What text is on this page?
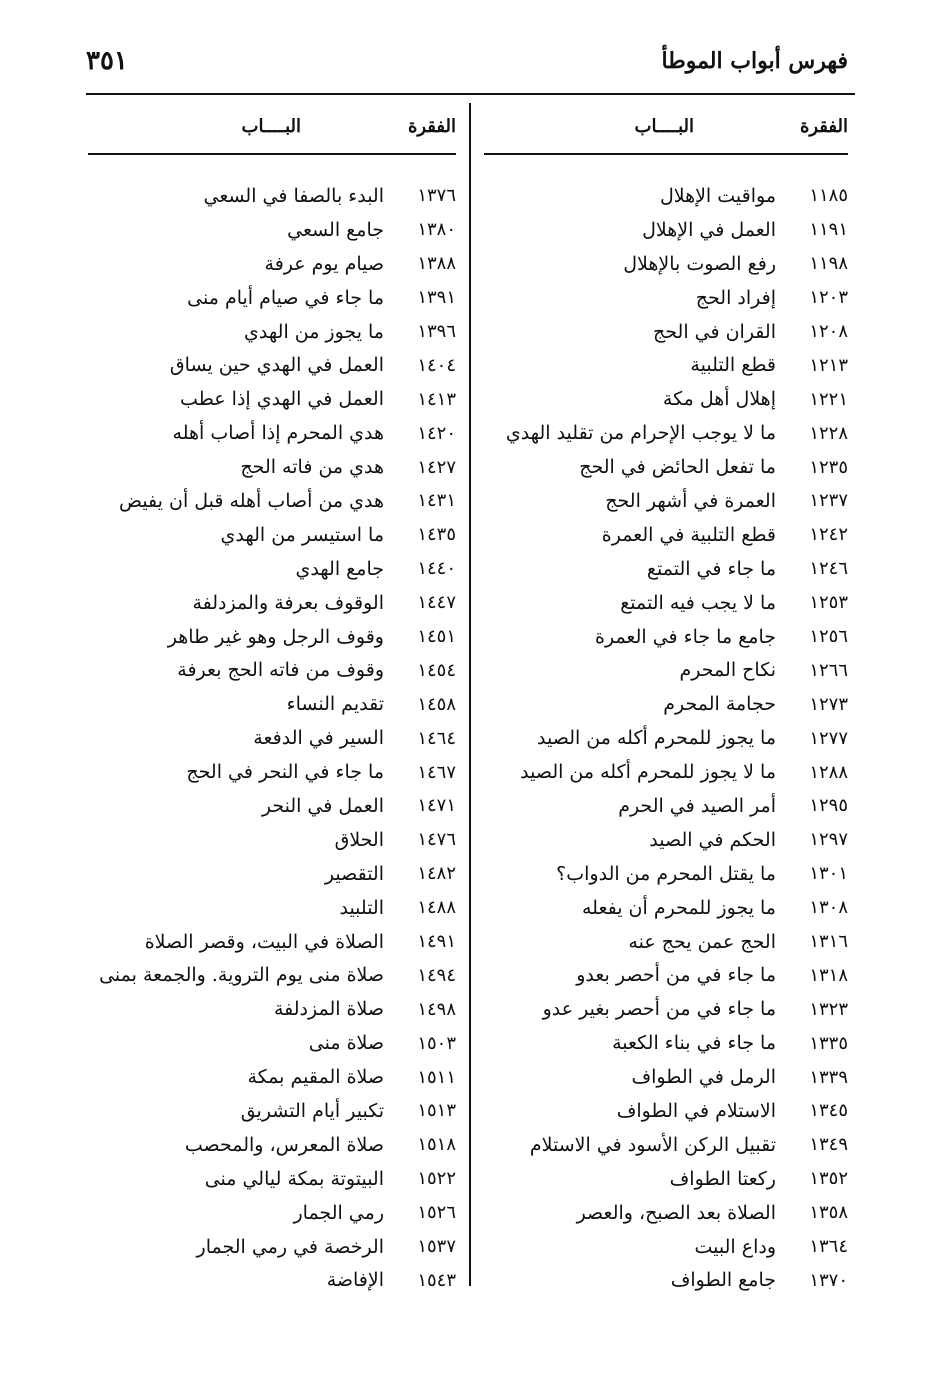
فهرس أبواب الموطأ
٣٥١
الفقرة
البــــاب
١١٨٥
مواقيت الإهلال
١١٩١
العمل في الإهلال
١١٩٨
رفع الصوت بالإهلال
١٢٠٣
إفراد الحج
١٢٠٨
القران في الحج
١٢١٣
قطع التلبية
١٢٢١
إهلال أهل مكة
١٢٢٨
ما لا يوجب الإحرام من تقليد الهدي
١٢٣٥
ما تفعل الحائض في الحج
١٢٣٧
العمرة في أشهر الحج
١٢٤٢
قطع التلبية في العمرة
١٢٤٦
ما جاء في التمتع
١٢٥٣
ما لا يجب فيه التمتع
١٢٥٦
جامع ما جاء في العمرة
١٢٦٦
نكاح المحرم
١٢٧٣
حجامة المحرم
١٢٧٧
ما يجوز للمحرم أكله من الصيد
١٢٨٨
ما لا يجوز للمحرم أكله من الصيد
١٢٩٥
أمر الصيد في الحرم
١٢٩٧
الحكم في الصيد
١٣٠١
ما يقتل المحرم من الدواب؟
١٣٠٨
ما يجوز للمحرم أن يفعله
١٣١٦
الحج عمن يحج عنه
١٣١٨
ما جاء في من أحصر بعدو
١٣٢٣
ما جاء في من أحصر بغير عدو
١٣٣٥
ما جاء في بناء الكعبة
١٣٣٩
الرمل في الطواف
١٣٤٥
الاستلام في الطواف
١٣٤٩
تقبيل الركن الأسود في الاستلام
١٣٥٢
ركعتا الطواف
١٣٥٨
الصلاة بعد الصبح، والعصر
١٣٦٤
وداع البيت
١٣٧٠
جامع الطواف
الفقرة
البــــاب
١٣٧٦
البدء بالصفا في السعي
١٣٨٠
جامع السعي
١٣٨٨
صيام يوم عرفة
١٣٩١
ما جاء في صيام أيام منى
١٣٩٦
ما يجوز من الهدي
١٤٠٤
العمل في الهدي حين يساق
١٤١٣
العمل في الهدي إذا عطب
١٤٢٠
هدي المحرم إذا أصاب أهله
١٤٢٧
هدي من فاته الحج
١٤٣١
هدي من أصاب أهله قبل أن يفيض
١٤٣٥
ما استيسر من الهدي
١٤٤٠
جامع الهدي
١٤٤٧
الوقوف بعرفة والمزدلفة
١٤٥١
وقوف الرجل وهو غير طاهر
١٤٥٤
وقوف من فاته الحج بعرفة
١٤٥٨
تقديم النساء
١٤٦٤
السير في الدفعة
١٤٦٧
ما جاء في النحر في الحج
١٤٧١
العمل في النحر
١٤٧٦
الحلاق
١٤٨٢
التقصير
١٤٨٨
التلبيد
١٤٩١
الصلاة في البيت، وقصر الصلاة
١٤٩٤
صلاة منى يوم التروية. والجمعة بمنى
١٤٩٨
صلاة المزدلفة
١٥٠٣
صلاة منى
١٥١١
صلاة المقيم بمكة
١٥١٣
تكبير أيام التشريق
١٥١٨
صلاة المعرس، والمحصب
١٥٢٢
البيتوتة بمكة ليالي منى
١٥٢٦
رمي الجمار
١٥٣٧
الرخصة في رمي الجمار
١٥٤٣
الإفاضة
